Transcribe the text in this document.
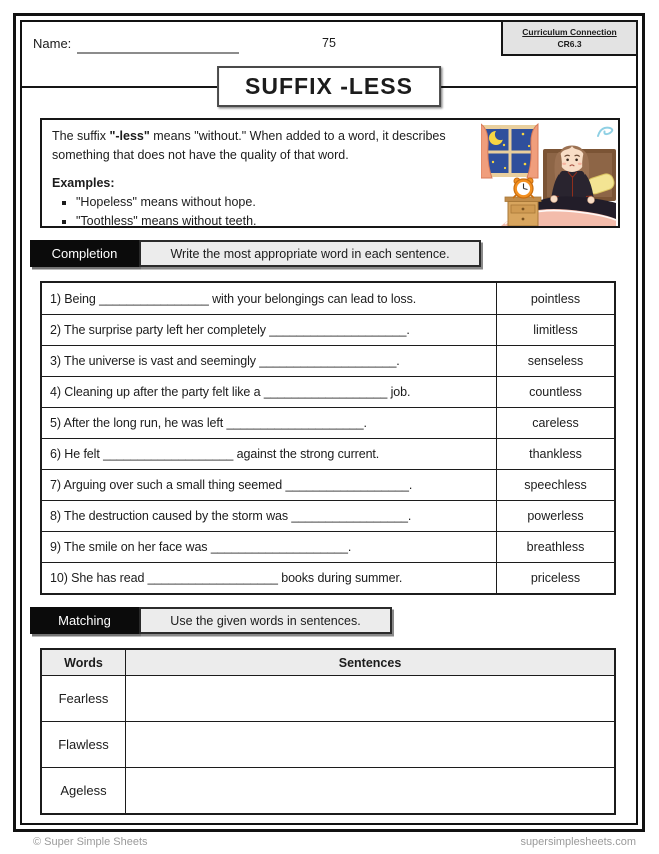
Name:	75
Curriculum Connection
CR6.3
SUFFIX -LESS
The suffix "-less" means "without." When added to a word, it describes something that does not have the quality of that word.
Examples:
▪ "Hopeless" means without hope.
▪ "Toothless" means without teeth.
Completion	Write the most appropriate word in each sentence.
1) Being ________________ with your belongings can lead to loss.	pointless
2) The surprise party left her completely ____________________.	limitless
3) The universe is vast and seemingly ____________________.	senseless
4) Cleaning up after the party felt like a __________________ job.	countless
5) After the long run, he was left ____________________.	careless
6) He felt ___________________ against the strong current.	thankless
7) Arguing over such a small thing seemed __________________.	speechless
8) The destruction caused by the storm was _________________.	powerless
9) The smile on her face was ____________________.	breathless
10) She has read ___________________ books during summer.	priceless
Matching	Use the given words in sentences.
Words	Sentences
Fearless
Flawless
Ageless
© Super Simple Sheets	supersimplesheets.com
